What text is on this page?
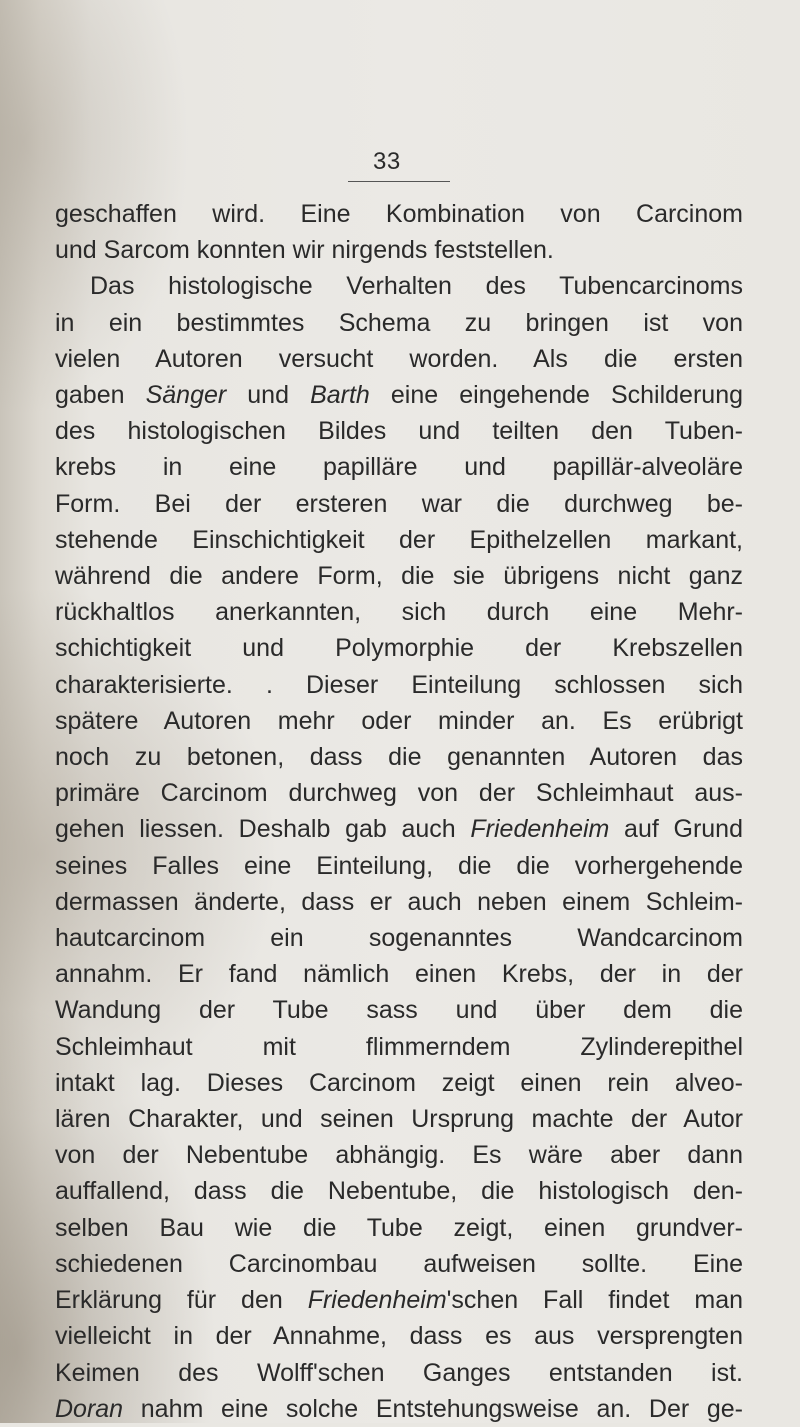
33
geschaffen wird. Eine Kombination von Carcinom
und Sarcom konnten wir nirgends feststellen.
Das histologische Verhalten des Tubencarcinoms
in ein bestimmtes Schema zu bringen ist von
vielen Autoren versucht worden. Als die ersten
gaben Sänger und Barth eine eingehende Schilderung
des histologischen Bildes und teilten den Tuben-
krebs in eine papilläre und papillär-alveoläre
Form. Bei der ersteren war die durchweg be-
stehende Einschichtigkeit der Epithelzellen markant,
während die andere Form, die sie übrigens nicht ganz
rückhaltlos anerkannten, sich durch eine Mehr-
schichtigkeit und Polymorphie der Krebszellen
charakterisierte. . Dieser Einteilung schlossen sich
spätere Autoren mehr oder minder an. Es erübrigt
noch zu betonen, dass die genannten Autoren das
primäre Carcinom durchweg von der Schleimhaut aus-
gehen liessen. Deshalb gab auch Friedenheim auf Grund
seines Falles eine Einteilung, die die vorhergehende
dermassen änderte, dass er auch neben einem Schleim-
hautcarcinom ein sogenanntes Wandcarcinom
annahm. Er fand nämlich einen Krebs, der in der
Wandung der Tube sass und über dem die
Schleimhaut mit flimmerndem Zylinderepithel
intakt lag. Dieses Carcinom zeigt einen rein alveo-
lären Charakter, und seinen Ursprung machte der Autor
von der Nebentube abhängig. Es wäre aber dann
auffallend, dass die Nebentube, die histologisch den-
selben Bau wie die Tube zeigt, einen grundver-
schiedenen Carcinombau aufweisen sollte. Eine
Erklärung für den Friedenheim'schen Fall findet man
vielleicht in der Annahme, dass es aus versprengten
Keimen des Wolff'schen Ganges entstanden ist.
Doran nahm eine solche Entstehungsweise an. Der ge-
